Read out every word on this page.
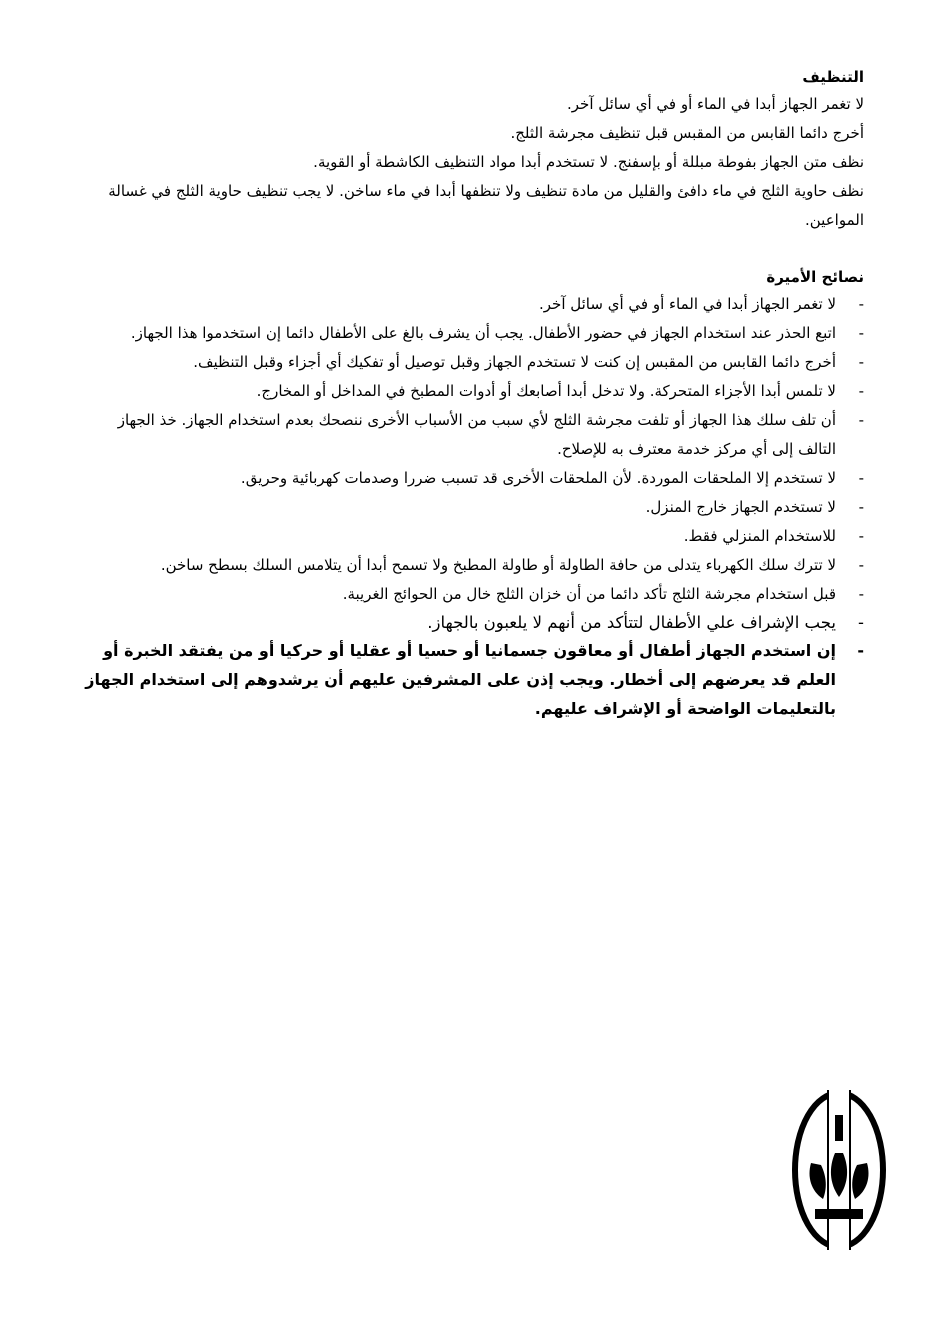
التنظيف

لا تغمر الجهاز أبدا في الماء أو في أي سائل آخر.

أخرج دائما القابس من المقبس قبل تنظيف مجرشة الثلج.

نظف متن الجهاز بفوطة مبللة أو بإسفنج. لا تستخدم أبدا مواد التنظيف الكاشطة أو القوية.

نظف حاوية الثلج في ماء دافئ والقليل من مادة تنظيف ولا تنظفها أبدا في ماء ساخن. لا يجب تنظيف حاوية الثلج في غسالة المواعين.

نصائح الأميرة
- لا تغمر الجهاز أبدا في الماء أو في أي سائل آخر.
- اتبع الحذر عند استخدام الجهاز في حضور الأطفال. يجب أن يشرف بالغ على الأطفال دائما إن استخدموا هذا الجهاز.
- أخرج دائما القابس من المقبس إن كنت لا تستخدم الجهاز وقبل توصيل أو تفكيك أي أجزاء وقبل التنظيف.
- لا تلمس أبدا الأجزاء المتحركة. ولا تدخل أبدا أصابعك أو أدوات المطبخ في المداخل أو المخارج.
- أن تلف سلك هذا الجهاز أو تلفت مجرشة الثلج لأي سبب من الأسباب الأخرى ننصحك بعدم استخدام الجهاز. خذ الجهاز التالف إلى أي مركز خدمة معترف به للإصلاح.
- لا تستخدم إلا الملحقات الموردة. لأن الملحقات الأخرى قد تسبب ضررا وصدمات كهربائية وحريق.
- لا تستخدم الجهاز خارج المنزل.
- للاستخدام المنزلي فقط.
- لا تترك سلك الكهرباء يتدلى من حافة الطاولة أو طاولة المطبخ ولا تسمح أبدا أن يتلامس السلك بسطح ساخن.
- قبل استخدام مجرشة الثلج تأكد دائما من أن خزان الثلج خال من الحوائج الغريبة.
- يجب الإشراف علي الأطفال لتتأكد من أنهم لا يلعبون بالجهاز.
- إن استخدم الجهاز أطفال أو معاقون جسمانيا أو حسيا أو عقليا أو حركيا أو من يفتقد الخبرة أو العلم قد يعرضهم إلى أخطار. ويجب إذن على المشرفين عليهم أن يرشدوهم إلى استخدام الجهاز بالتعليمات الواضحة أو الإشراف عليهم.
